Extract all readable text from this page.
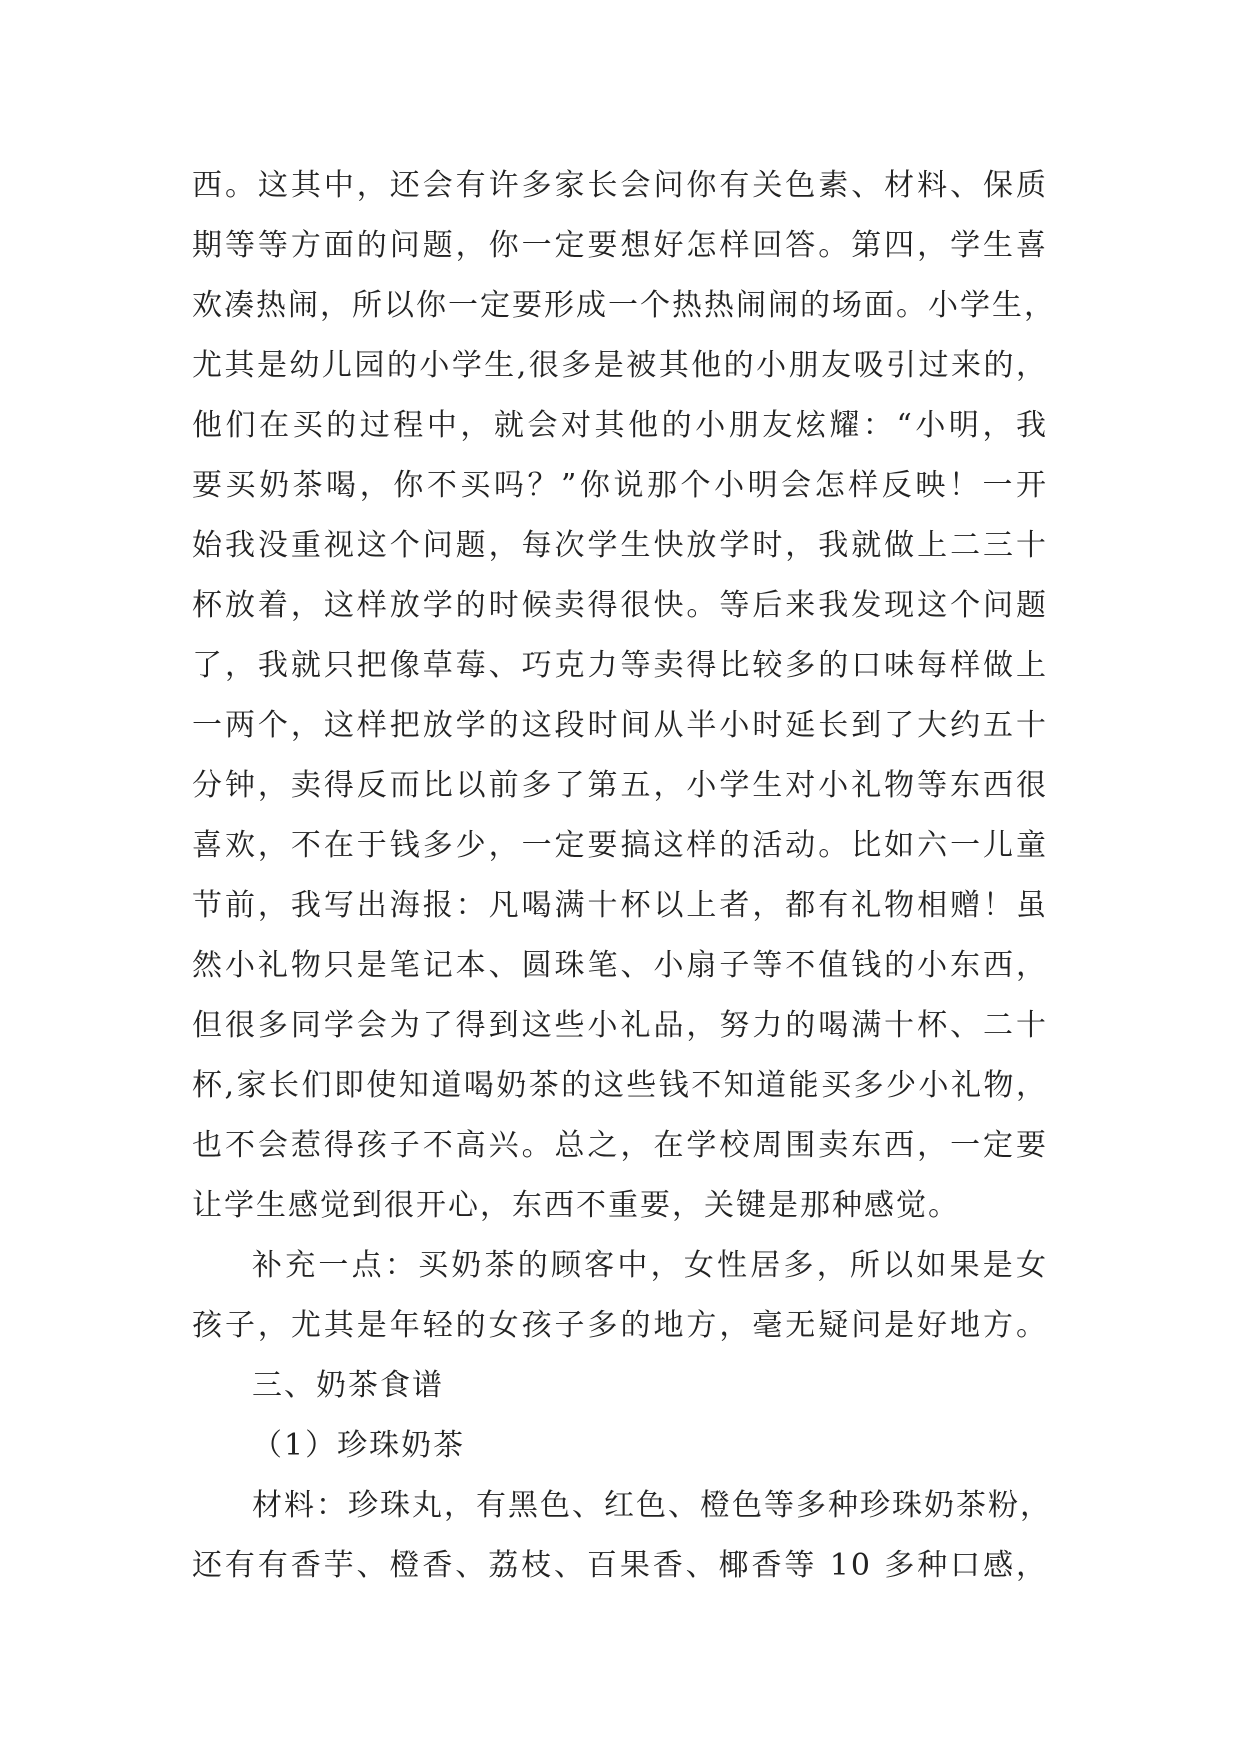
西。这其中，还会有许多家长会问你有关色素、材料、保质
期等等方面的问题，你一定要想好怎样回答。第四，学生喜
欢凑热闹，所以你一定要形成一个热热闹闹的场面。小学生，
尤其是幼儿园的小学生,很多是被其他的小朋友吸引过来的，
他们在买的过程中，就会对其他的小朋友炫耀：“小明，我
要买奶茶喝，你不买吗？”你说那个小明会怎样反映！一开
始我没重视这个问题，每次学生快放学时，我就做上二三十
杯放着，这样放学的时候卖得很快。等后来我发现这个问题
了，我就只把像草莓、巧克力等卖得比较多的口味每样做上
一两个，这样把放学的这段时间从半小时延长到了大约五十
分钟，卖得反而比以前多了第五，小学生对小礼物等东西很
喜欢，不在于钱多少，一定要搞这样的活动。比如六一儿童
节前，我写出海报：凡喝满十杯以上者，都有礼物相赠！虽
然小礼物只是笔记本、圆珠笔、小扇子等不值钱的小东西，
但很多同学会为了得到这些小礼品，努力的喝满十杯、二十
杯,家长们即使知道喝奶茶的这些钱不知道能买多少小礼物，
也不会惹得孩子不高兴。总之，在学校周围卖东西，一定要
让学生感觉到很开心，东西不重要，关键是那种感觉。
补充一点：买奶茶的顾客中，女性居多，所以如果是女
孩子，尤其是年轻的女孩子多的地方，毫无疑问是好地方。
三、奶茶食谱
（1）珍珠奶茶
材料：珍珠丸，有黑色、红色、橙色等多种珍珠奶茶粉，
还有有香芋、橙香、荔枝、百果香、椰香等 10 多种口感，
